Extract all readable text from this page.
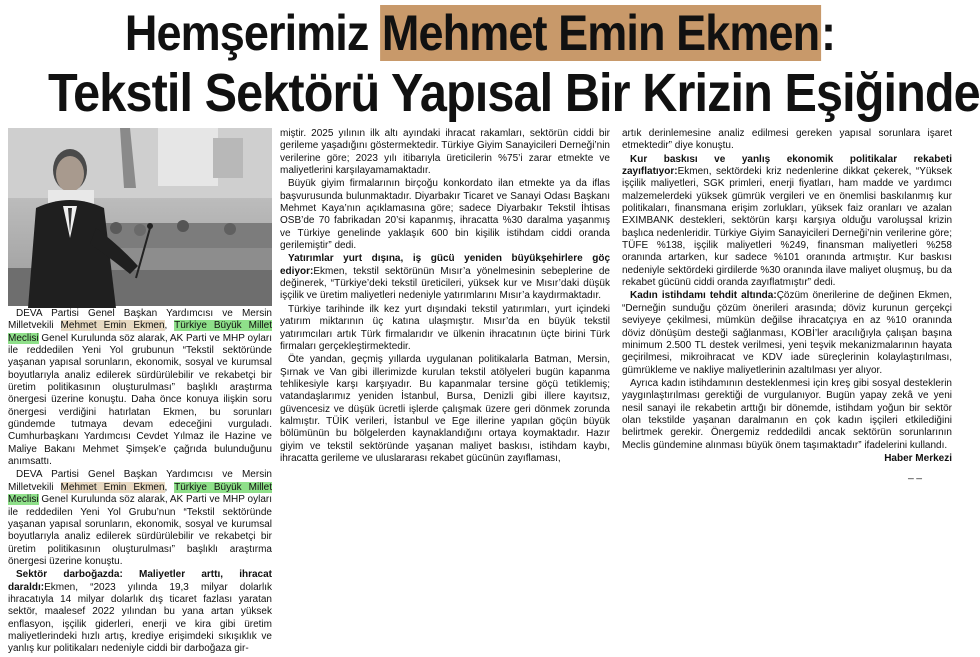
Hemşerimiz Mehmet Emin Ekmen:
Tekstil Sektörü Yapısal Bir Krizin Eşiğinde

DEVA Partisi Genel Başkan Yardımcısı ve Mersin Milletvekili Mehmet Emin Ekmen, Türkiye Büyük Millet Meclisi Genel Kurulunda söz alarak, AK Parti ve MHP oyları ile reddedilen Yeni Yol grubunun “Tekstil sektöründe yaşanan yapısal sorunların, ekonomik, sosyal ve kurumsal boyutlarıyla analiz edilerek sürdürülebilir ve rekabetçi bir üretim politikasının oluşturulması” başlıklı araştırma önergesi üzerine konuştu. Daha önce konuya ilişkin soru önergesi verdiğini hatırlatan Ekmen, bu sorunları gündemde tutmaya devam edeceğini vurguladı. Cumhurbaşkanı Yardımcısı Cevdet Yılmaz ile Hazine ve Maliye Bakanı Mehmet Şimşek’e çağrıda bulunduğunu anımsattı.

DEVA Partisi Genel Başkan Yardımcısı ve Mersin Milletvekili Mehmet Emin Ekmen, Türkiye Büyük Millet Meclisi Genel Kurulunda söz alarak, AK Parti ve MHP oyları ile reddedilen Yeni Yol Grubu’nun “Tekstil sektöründe yaşanan yapısal sorunların, ekonomik, sosyal ve kurumsal boyutlarıyla analiz edilerek sürdürülebilir ve rekabetçi bir üretim politikasının oluşturulması” başlıklı araştırma önergesi üzerine konuştu.

Sektör darboğazda: Maliyetler arttı, ihracat daraldı:Ekmen, “2023 yılında 19,3 milyar dolarlık ihracatıyla 14 milyar dolarlık dış ticaret fazlası yaratan sektör, maalesef 2022 yılından bu yana artan yüksek enflasyon, işçilik giderleri, enerji ve kira gibi üretim maliyetlerindeki hızlı artış, krediye erişimdeki sıkışıklık ve yanlış kur politikaları nedeniyle ciddi bir darboğaza gir-

miştir. 2025 yılının ilk altı ayındaki ihracat rakamları, sektörün ciddi bir gerileme yaşadığını göstermektedir. Türkiye Giyim Sanayicileri Derneği’nin verilerine göre; 2023 yılı itibarıyla üreticilerin %75’i zarar etmekte ve maliyetlerini karşılayamamaktadır.

Büyük giyim firmalarının birçoğu konkordato ilan etmekte ya da iflas başvurusunda bulunmaktadır. Diyarbakır Ticaret ve Sanayi Odası Başkanı Mehmet Kaya’nın açıklamasına göre; sadece Diyarbakır Tekstil İhtisas OSB’de 70 fabrikadan 20’si kapanmış, ihracatta %30 daralma yaşanmış ve Türkiye genelinde yaklaşık 600 bin kişilik istihdam ciddi oranda gerilemiştir” dedi.

Yatırımlar yurt dışına, iş gücü yeniden büyükşehirlere göç ediyor:Ekmen, tekstil sektörünün Mısır’a yönelmesinin sebeplerine de değinerek, “Türkiye’deki tekstil üreticileri, yüksek kur ve Mısır’daki düşük işçilik ve üretim maliyetleri nedeniyle yatırımlarını Mısır’a kaydırmaktadır.

Türkiye tarihinde ilk kez yurt dışındaki tekstil yatırımları, yurt içindeki yatırım miktarının üç katına ulaşmıştır. Mısır’da en büyük tekstil yatırımcıları artık Türk firmalarıdır ve ülkenin ihracatının üçte birini Türk firmaları gerçekleştirmektedir.

Öte yandan, geçmiş yıllarda uygulanan politikalarla Batman, Mersin, Şırnak ve Van gibi illerimizde kurulan tekstil atölyeleri bugün kapanma tehlikesiyle karşı karşıyadır. Bu kapanmalar tersine göçü tetiklemiş; vatandaşlarımız yeniden İstanbul, Bursa, Denizli gibi illere kayıtsız, güvencesiz ve düşük ücretli işlerde çalışmak üzere geri dönmek zorunda kalmıştır. TÜİK verileri, İstanbul ve Ege illerine yapılan göçün büyük bölümünün bu bölgelerden kaynaklandığını ortaya koymaktadır. Hazır giyim ve tekstil sektöründe yaşanan maliyet baskısı, istihdam kaybı, ihracatta gerileme ve uluslararası rekabet gücünün zayıflaması,

artık derinlemesine analiz edilmesi gereken yapısal sorunlara işaret etmektedir” diye konuştu.

Kur baskısı ve yanlış ekonomik politikalar rekabeti zayıflatıyor:Ekmen, sektördeki kriz nedenlerine dikkat çekerek, “Yüksek işçilik maliyetleri, SGK primleri, enerji fiyatları, ham madde ve yardımcı malzemelerdeki yüksek gümrük vergileri ve en önemlisi baskılanmış kur politikaları, finansmana erişim zorlukları, yüksek faiz oranları ve azalan EXIMBANK destekleri, sektörün karşı karşıya olduğu varoluşsal krizin başlıca nedenleridir. Türkiye Giyim Sanayicileri Derneği’nin verilerine göre; TÜFE %138, işçilik maliyetleri %249, finansman maliyetleri %258 oranında artarken, kur sadece %101 oranında artmıştır. Kur baskısı nedeniyle sektördeki girdilerde %30 oranında ilave maliyet oluşmuş, bu da rekabet gücünü ciddi oranda zayıflatmıştır” dedi.

Kadın istihdamı tehdit altında:Çözüm önerilerine de değinen Ekmen, “Derneğin sunduğu çözüm önerileri arasında; döviz kurunun gerçekçi seviyeye çekilmesi, mümkün değilse ihracatçıya en az %10 oranında döviz dönüşüm desteği sağlanması, KOBİ’ler aracılığıyla çalışan başına minimum 2.500 TL destek verilmesi, yeni teşvik mekanizmalarının hayata geçirilmesi, mikroihracat ve KDV iade süreçlerinin kolaylaştırılması, gümrükleme ve nakliye maliyetlerinin azaltılması yer alıyor.

Ayrıca kadın istihdamının desteklenmesi için kreş gibi sosyal desteklerin yaygınlaştırılması gerektiği de vurgulanıyor. Bugün yapay zekâ ve yeni nesil sanayi ile rekabetin arttığı bir dönemde, istihdam yoğun bir sektör olan tekstilde yaşanan daralmanın en çok kadın işçileri etkilediğini belirtmek gerekir. Önergemiz reddedildi ancak sektörün sorunlarının Meclis gündemine alınması büyük önem taşımaktadır” ifadelerini kullandı.

Haber Merkezi
_ _
